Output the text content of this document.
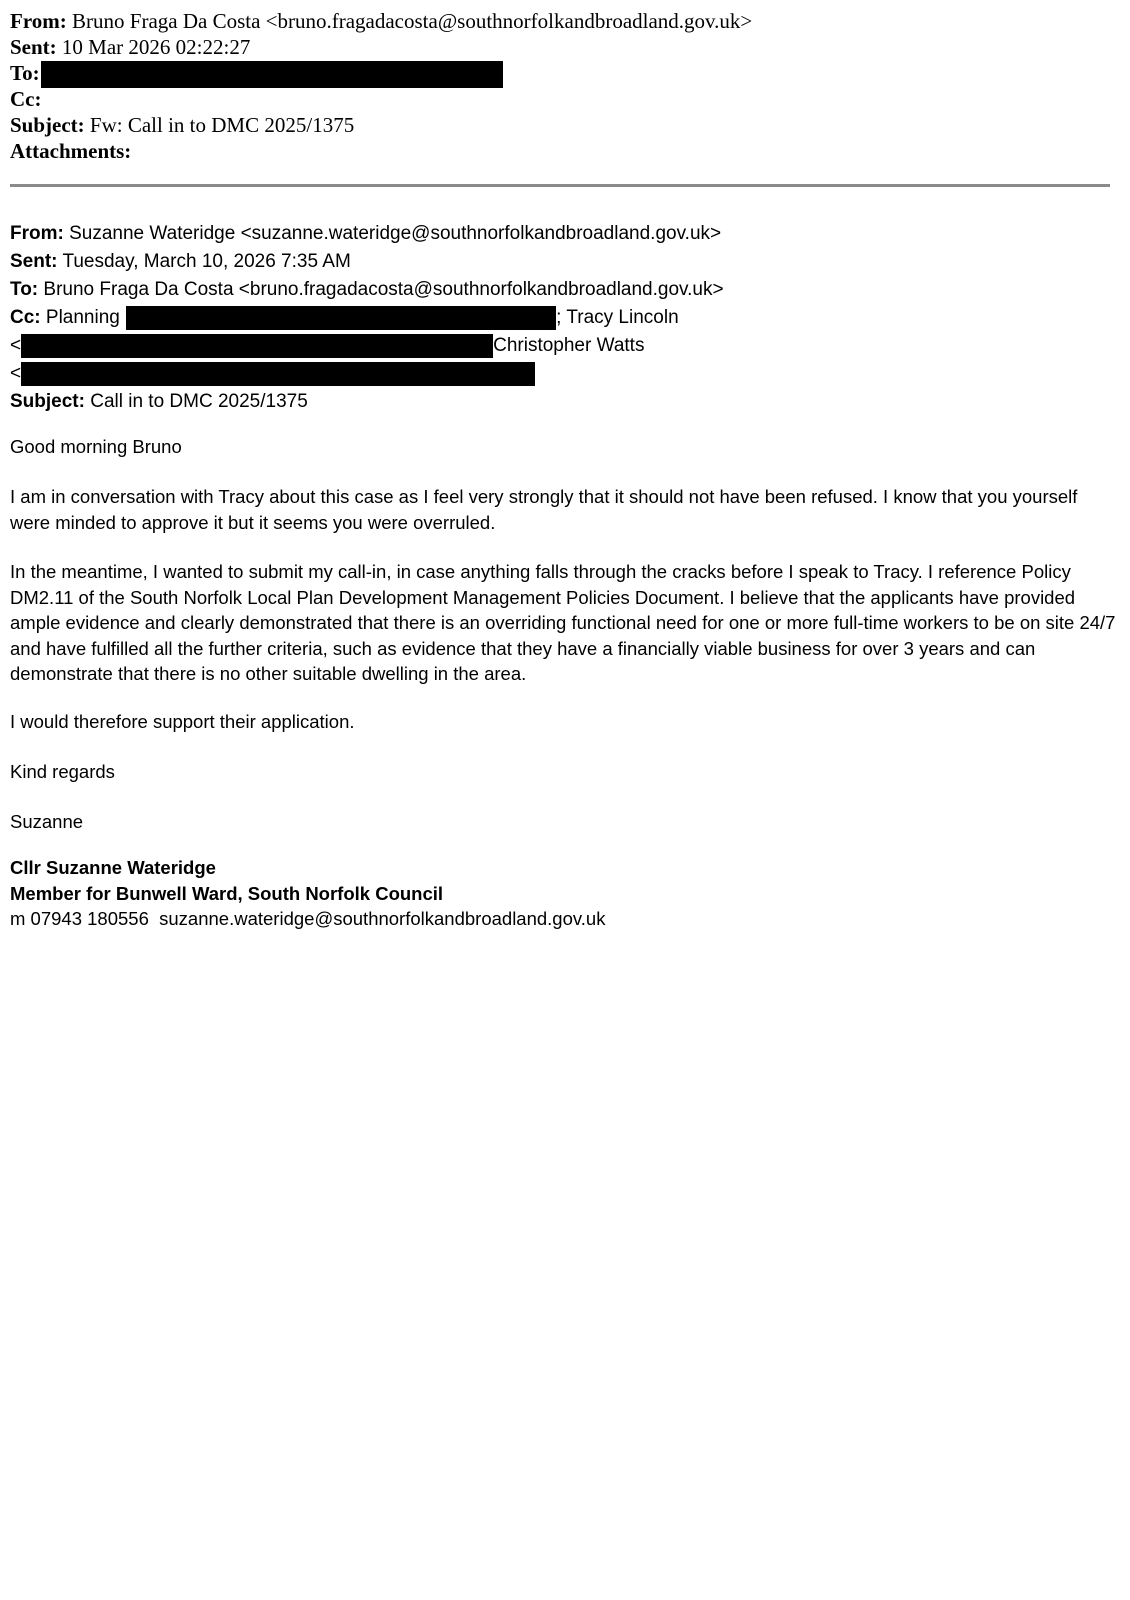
From: Bruno Fraga Da Costa <bruno.fragadacosta@southnorfolkandbroadland.gov.uk>
Sent: 10 Mar 2026 02:22:27
To:
Cc:
Subject: Fw: Call in to DMC 2025/1375
Attachments:
From: Suzanne Wateridge <suzanne.wateridge@southnorfolkandbroadland.gov.uk>
Sent: Tuesday, March 10, 2026 7:35 AM
To: Bruno Fraga Da Costa <bruno.fragadacosta@southnorfolkandbroadland.gov.uk>
Cc: Planning	; Tracy Lincoln
<	Christopher Watts
<
Subject: Call in to DMC 2025/1375

Good morning Bruno

I am in conversation with Tracy about this case as I feel very strongly that it should not have been refused. I know that you yourself were minded to approve it but it seems you were overruled.

In the meantime, I wanted to submit my call-in, in case anything falls through the cracks before I speak to Tracy. I reference Policy DM2.11 of the South Norfolk Local Plan Development Management Policies Document. I believe that the applicants have provided ample evidence and clearly demonstrated that there is an overriding functional need for one or more full-time workers to be on site 24/7 and have fulfilled all the further criteria, such as evidence that they have a financially viable business for over 3 years and can demonstrate that there is no other suitable dwelling in the area.

I would therefore support their application.

Kind regards

Suzanne

Cllr Suzanne Wateridge
Member for Bunwell Ward, South Norfolk Council
m 07943 180556  suzanne.wateridge@southnorfolkandbroadland.gov.uk
